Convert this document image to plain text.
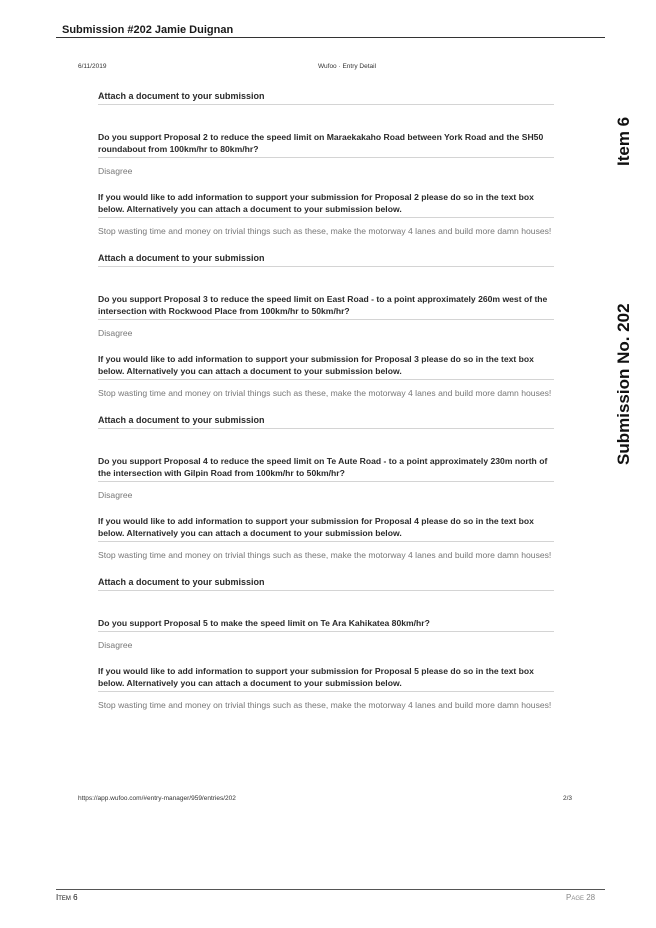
Submission #202 Jamie Duignan
6/11/2019	Wufoo · Entry Detail
Item 6
Submission No. 202
Attach a document to your submission
Do you support Proposal 2 to reduce the speed limit on Maraekakaho Road between York Road and the SH50 roundabout from 100km/hr to 80km/hr?
Disagree
If you would like to add information to support your submission for Proposal 2 please do so in the text box below. Alternatively you can attach a document to your submission below.
Stop wasting time and money on trivial things such as these, make the motorway 4 lanes and build more damn houses!
Attach a document to your submission
Do you support Proposal 3 to reduce the speed limit on East Road - to a point approximately 260m west of the intersection with Rockwood Place from 100km/hr to 50km/hr?
Disagree
If you would like to add information to support your submission for Proposal 3 please do so in the text box below. Alternatively you can attach a document to your submission below.
Stop wasting time and money on trivial things such as these, make the motorway 4 lanes and build more damn houses!
Attach a document to your submission
Do you support Proposal 4 to reduce the speed limit on Te Aute Road - to a point approximately 230m north of the intersection with Gilpin Road from 100km/hr to 50km/hr?
Disagree
If you would like to add information to support your submission for Proposal 4 please do so in the text box below. Alternatively you can attach a document to your submission below.
Stop wasting time and money on trivial things such as these, make the motorway 4 lanes and build more damn houses!
Attach a document to your submission
Do you support Proposal 5 to make the speed limit on Te Ara Kahikatea 80km/hr?
Disagree
If you would like to add information to support your submission for Proposal 5 please do so in the text box below. Alternatively you can attach a document to your submission below.
Stop wasting time and money on trivial things such as these, make the motorway 4 lanes and build more damn houses!
https://app.wufoo.com/#entry-manager/959/entries/202	2/3
Item 6	Page 28
